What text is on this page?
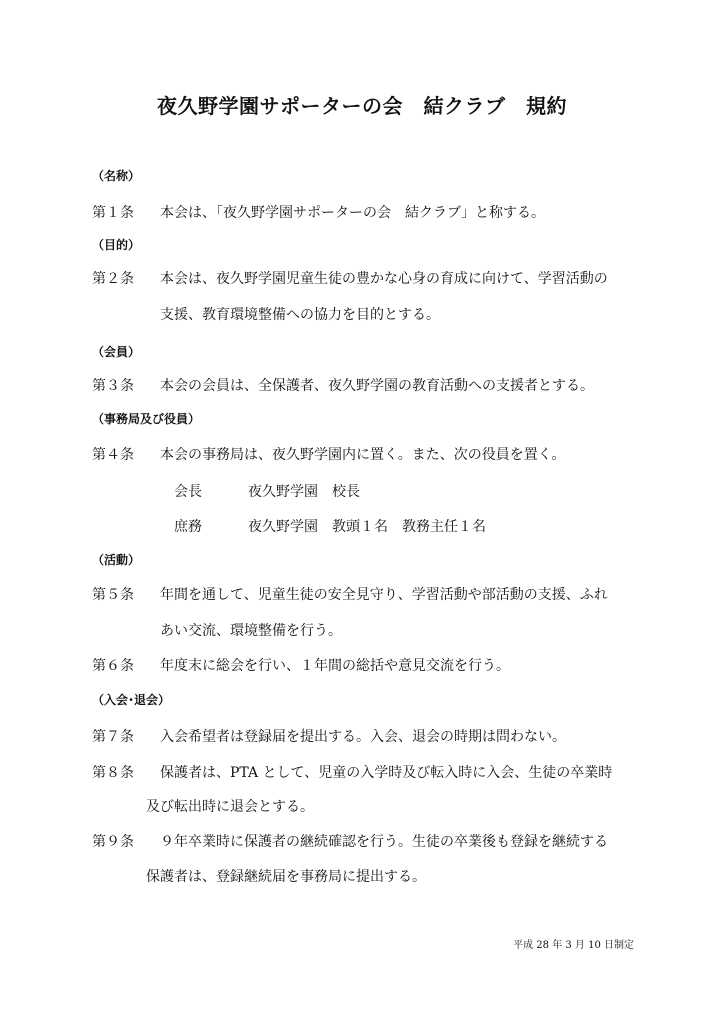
夜久野学園サポーターの会　結クラブ　規約
（名称）
第１条 本会は、「夜久野学園サポーターの会　結クラブ」と称する。
（目的）
第２条 本会は、夜久野学園児童生徒の豊かな心身の育成に向けて、学習活動の
支援、教育環境整備への協力を目的とする。
（会員）
第３条 本会の会員は、全保護者、夜久野学園の教育活動への支援者とする。
（事務局及び役員）
第４条 本会の事務局は、夜久野学園内に置く。また、次の役員を置く。
会長	夜久野学園　校長
庶務	夜久野学園　教頭１名　教務主任１名
（活動）
第５条 年間を通して、児童生徒の安全見守り、学習活動や部活動の支援、ふれ
あい交流、環境整備を行う。
第６条 年度末に総会を行い、１年間の総括や意見交流を行う。
（入会･退会）
第７条 入会希望者は登録届を提出する。入会、退会の時期は問わない。
第８条 保護者は、PTA として、児童の入学時及び転入時に入会、生徒の卒業時
及び転出時に退会とする。
第９条 ９年卒業時に保護者の継続確認を行う。生徒の卒業後も登録を継続する
保護者は、登録継続届を事務局に提出する。
平成 28 年 3 月 10 日制定
